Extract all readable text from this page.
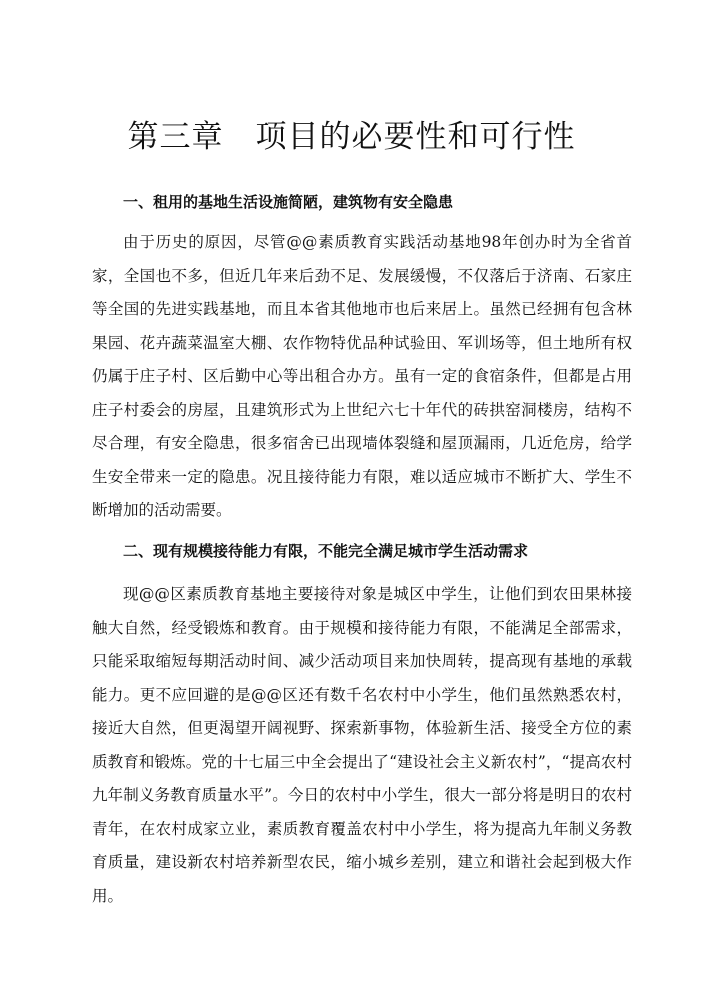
第三章　项目的必要性和可行性
一、租用的基地生活设施简陋，建筑物有安全隐患

由于历史的原因，尽管@@素质教育实践活动基地98年创办时为全省首家，全国也不多，但近几年来后劲不足、发展缓慢，不仅落后于济南、石家庄等全国的先进实践基地，而且本省其他地市也后来居上。虽然已经拥有包含林果园、花卉蔬菜温室大棚、农作物特优品种试验田、军训场等，但土地所有权仍属于庄子村、区后勤中心等出租合办方。虽有一定的食宿条件，但都是占用庄子村委会的房屋，且建筑形式为上世纪六七十年代的砖拱窑洞楼房，结构不尽合理，有安全隐患，很多宿舍已出现墙体裂缝和屋顶漏雨，几近危房，给学生安全带来一定的隐患。况且接待能力有限，难以适应城市不断扩大、学生不断增加的活动需要。

二、现有规模接待能力有限，不能完全满足城市学生活动需求

现@@区素质教育基地主要接待对象是城区中学生，让他们到农田果林接触大自然，经受锻炼和教育。由于规模和接待能力有限，不能满足全部需求，只能采取缩短每期活动时间、减少活动项目来加快周转，提高现有基地的承载能力。更不应回避的是@@区还有数千名农村中小学生，他们虽然熟悉农村，接近大自然，但更渴望开阔视野、探索新事物，体验新生活、接受全方位的素质教育和锻炼。党的十七届三中全会提出了“建设社会主义新农村”，“提高农村九年制义务教育质量水平”。今日的农村中小学生，很大一部分将是明日的农村青年，在农村成家立业，素质教育覆盖农村中小学生，将为提高九年制义务教育质量，建设新农村培养新型农民，缩小城乡差别，建立和谐社会起到极大作用。
